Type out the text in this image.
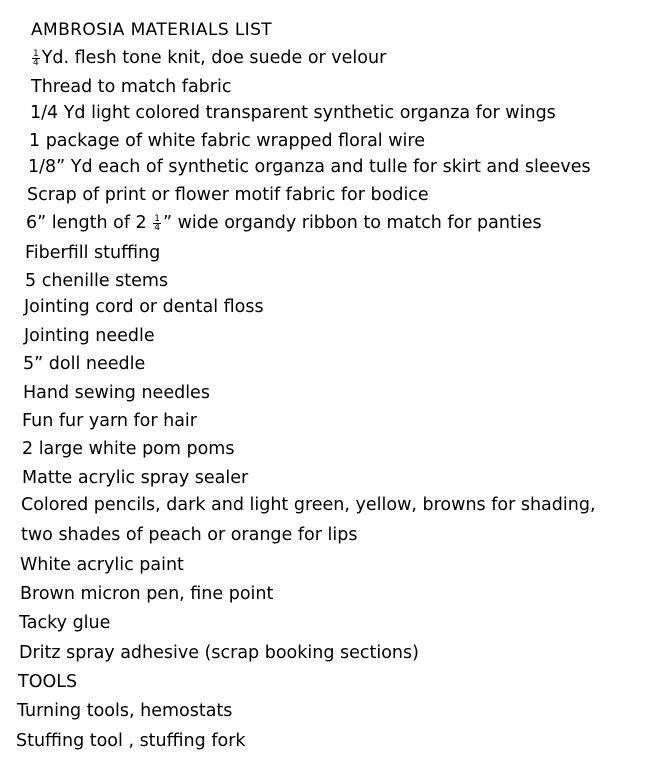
AMBROSIA MATERIALS LIST
$\frac{1}{4} Yd$. flesh tone knit, doe suede or velour
Thread to match fabric
1/4 Yd light colored transparent synthetic organza for wings
1 package of white fabric wrapped floral wire
1/8” Yd each of synthetic organza and tulle for skirt and sleeves
Scrap of print or flower motif fabric for bodice
6” length of $2 \frac{1}{4}$ ” wide organdy ribbon to match for panties
Fiberfill stuffing
5 chenille stems
Jointing cord or dental floss
Jointing needle
5” doll needle
Hand sewing needles
Fun fur yarn for hair
2 large white pom poms
Matte acrylic spray sealer
Colored pencils, dark and light green, yellow, browns for shading,
two shades of peach or orange for lips
White acrylic paint
Brown micron pen, fine point
Tacky glue
Dritz spray adhesive (scrap booking sections)
TOOLS
Turning tools, hemostats
Stuffing tool , stuffing fork
